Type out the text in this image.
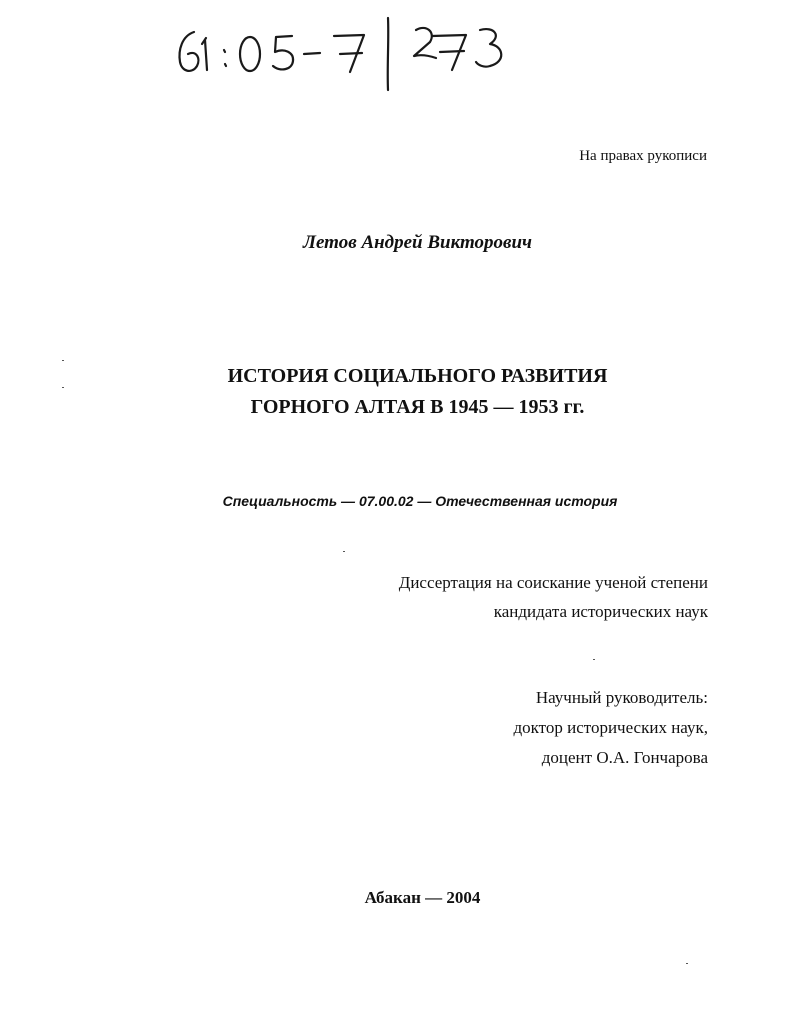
На правах рукописи
Летов Андрей Викторович
ИСТОРИЯ СОЦИАЛЬНОГО РАЗВИТИЯ
ГОРНОГО АЛТАЯ В 1945 — 1953 гг.
Специальность — 07.00.02 — Отечественная история
Диссертация на соискание ученой степени
кандидата исторических наук
Научный руководитель:
доктор исторических наук,
доцент О.А. Гончарова
Абакан — 2004
